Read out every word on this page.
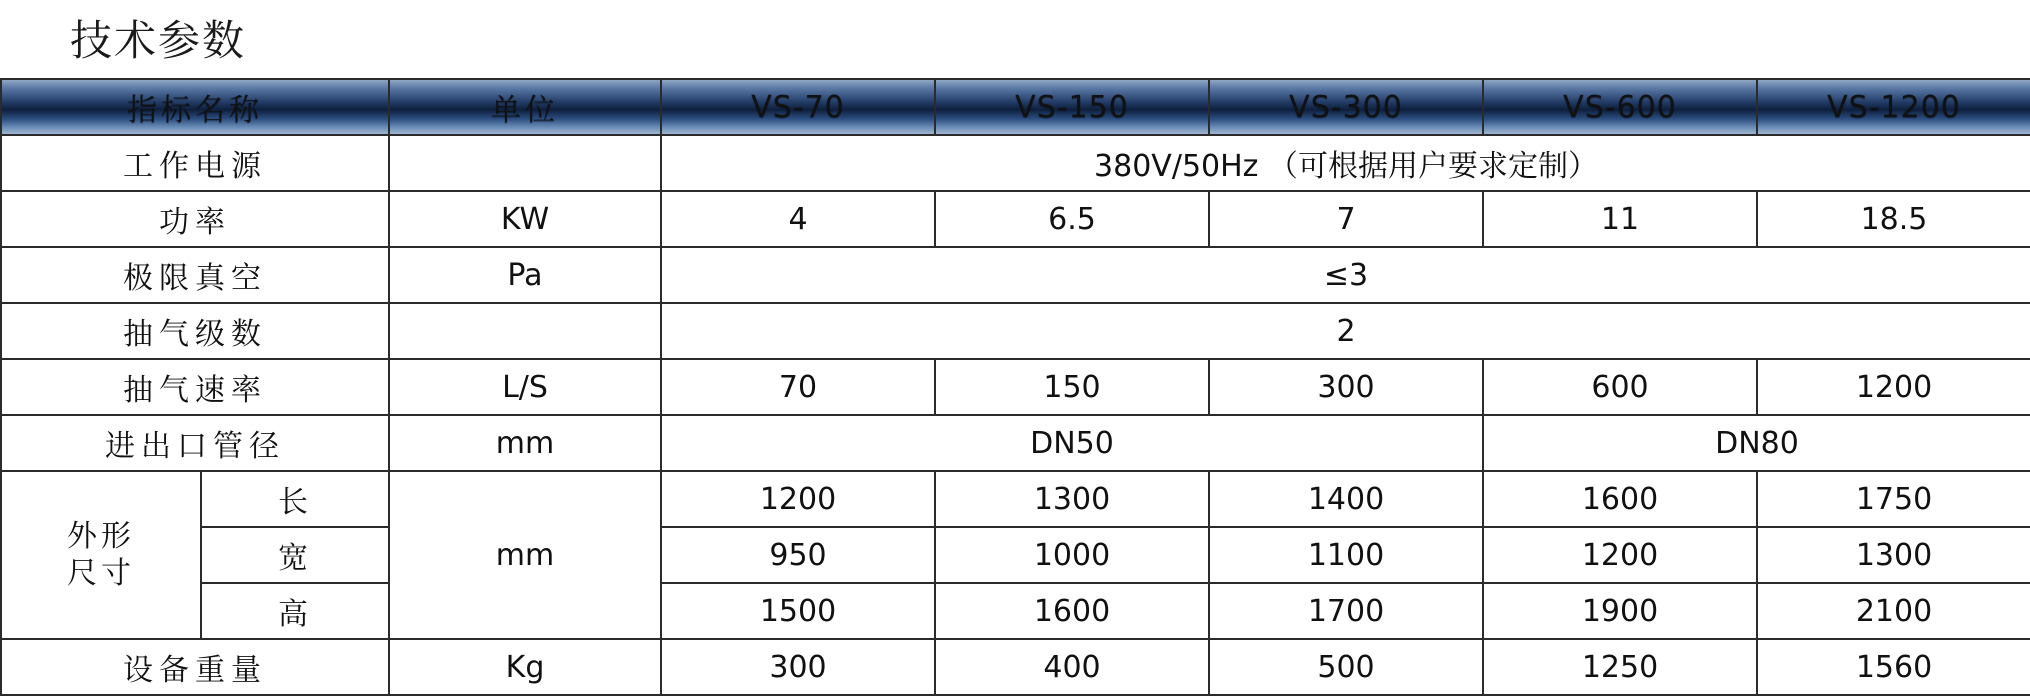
技术参数
指标名称		单位	VS-70	VS-150	VS-300	VS-600	VS-1200
工作电源			380V/50Hz （可根据用户要求定制）				
功率		KW	4	6.5	7	11	18.5
极限真空		Pa	≤3				
抽气级数			2				
抽气速率		L/S	70	150	300	600	1200
进出口管径		mm	DN50			DN80	
外形
尺寸	长	mm	1200	1300	1400	1600	1750
	宽		950	1000	1100	1200	1300
	高		1500	1600	1700	1900	2100
设备重量		Kg	300	400	500	1250	1560
